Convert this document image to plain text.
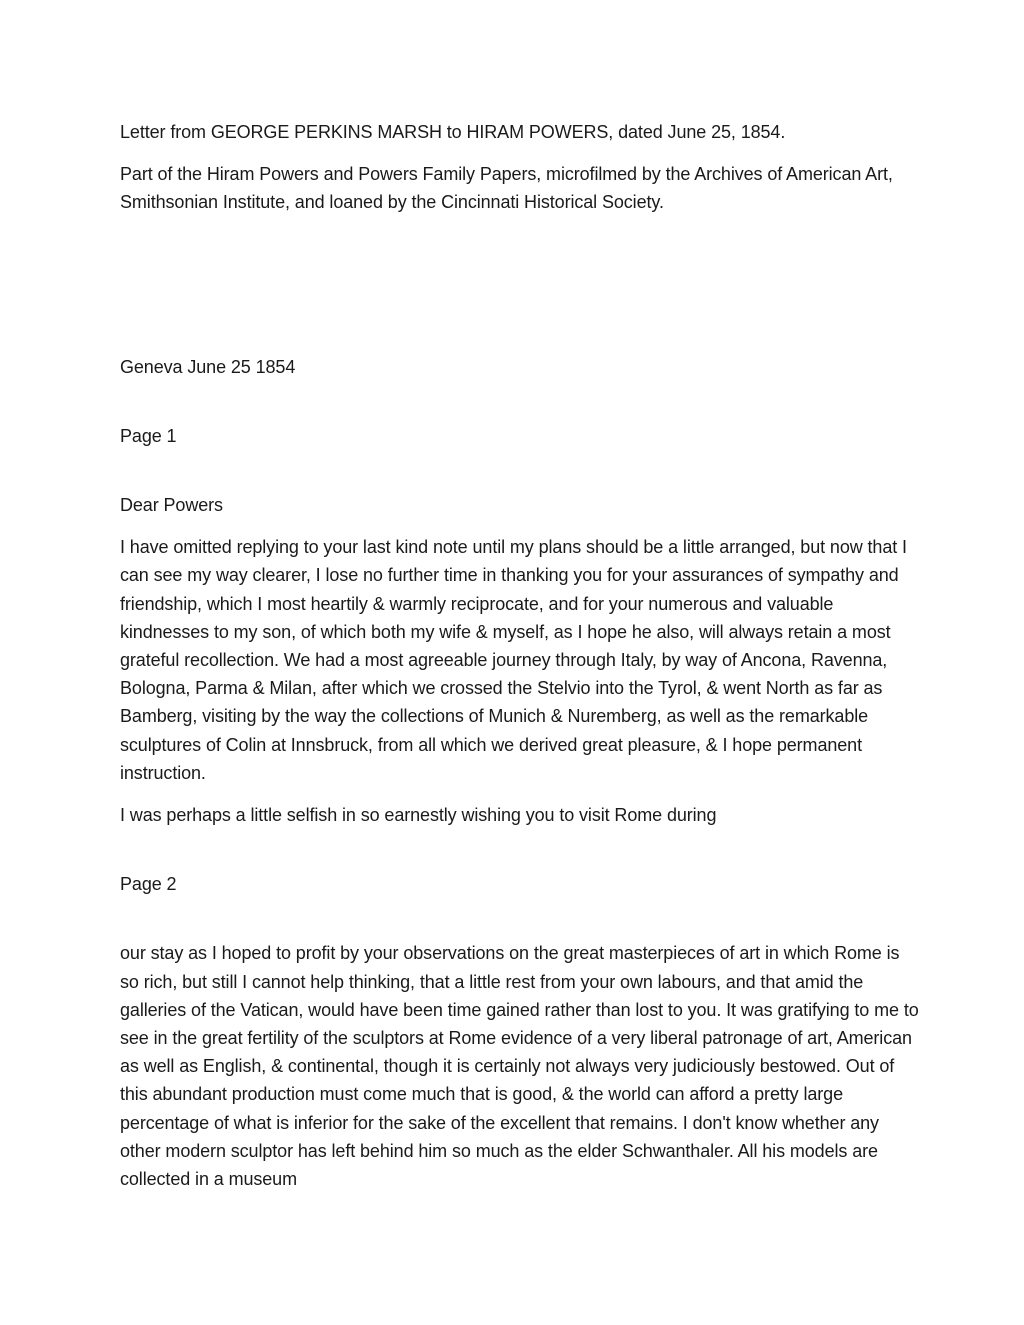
Letter from GEORGE PERKINS MARSH to HIRAM POWERS, dated June 25, 1854.

Part of the Hiram Powers and Powers Family Papers, microfilmed by the Archives of American Art, Smithsonian Institute, and loaned by the Cincinnati Historical Society.

Geneva June 25 1854

Page 1

Dear Powers

I have omitted replying to your last kind note until my plans should be a little arranged, but now that I can see my way clearer, I lose no further time in thanking you for your assurances of sympathy and friendship, which I most heartily & warmly reciprocate, and for your numerous and valuable kindnesses to my son, of which both my wife & myself, as I hope he also, will always retain a most grateful recollection. We had a most agreeable journey through Italy, by way of Ancona, Ravenna, Bologna, Parma & Milan, after which we crossed the Stelvio into the Tyrol, & went North as far as Bamberg, visiting by the way the collections of Munich & Nuremberg, as well as the remarkable sculptures of Colin at Innsbruck, from all which we derived great pleasure, & I hope permanent instruction.

I was perhaps a little selfish in so earnestly wishing you to visit Rome during

Page 2

our stay as I hoped to profit by your observations on the great masterpieces of art in which Rome is so rich, but still I cannot help thinking, that a little rest from your own labours, and that amid the galleries of the Vatican, would have been time gained rather than lost to you. It was gratifying to me to see in the great fertility of the sculptors at Rome evidence of a very liberal patronage of art, American as well as English, & continental, though it is certainly not always very judiciously bestowed. Out of this abundant production must come much that is good, & the world can afford a pretty large percentage of what is inferior for the sake of the excellent that remains. I don't know whether any other modern sculptor has left behind him so much as the elder Schwanthaler. All his models are collected in a museum
